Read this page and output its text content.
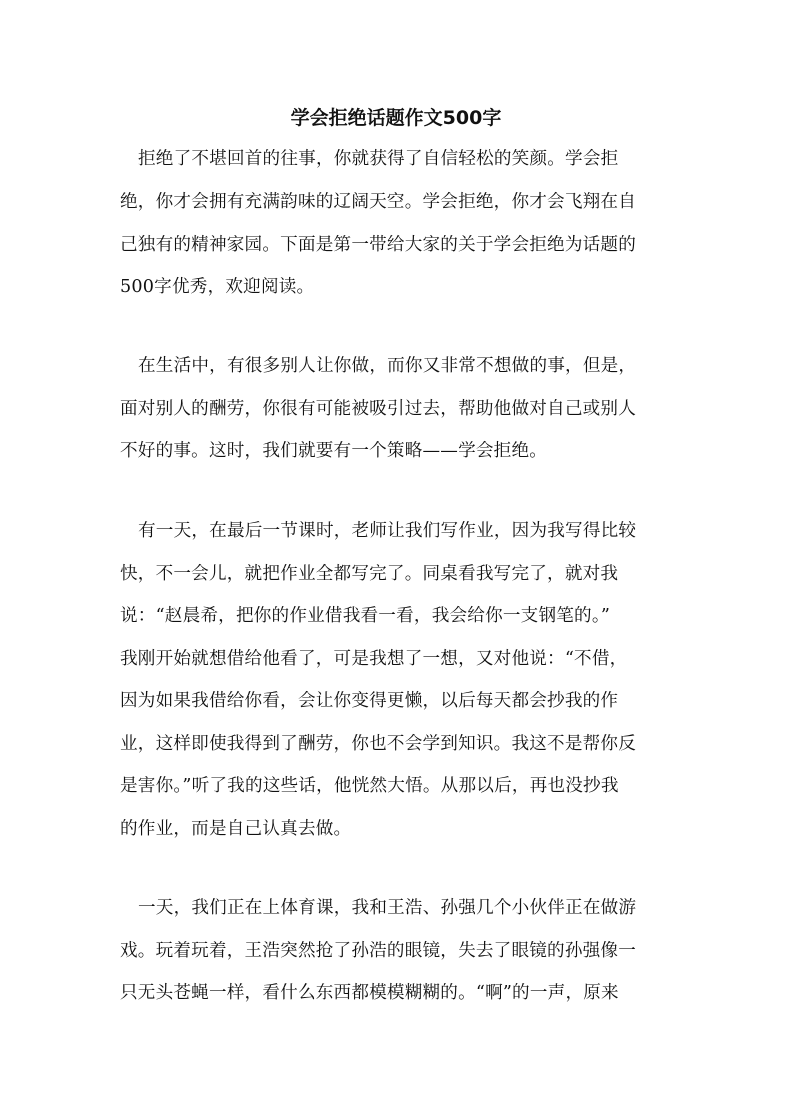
学会拒绝话题作文500字

拒绝了不堪回首的往事，你就获得了自信轻松的笑颜。学会拒

绝，你才会拥有充满韵味的辽阔天空。学会拒绝，你才会飞翔在自

己独有的精神家园。下面是第一带给大家的关于学会拒绝为话题的

500字优秀，欢迎阅读。

在生活中，有很多别人让你做，而你又非常不想做的事，但是，

面对别人的酬劳，你很有可能被吸引过去，帮助他做对自己或别人

不好的事。这时，我们就要有一个策略——学会拒绝。

有一天，在最后一节课时，老师让我们写作业，因为我写得比较

快，不一会儿，就把作业全都写完了。同桌看我写完了，就对我

说：“赵晨希，把你的作业借我看一看，我会给你一支钢笔的。”

我刚开始就想借给他看了，可是我想了一想，又对他说：“不借，

因为如果我借给你看，会让你变得更懒，以后每天都会抄我的作

业，这样即使我得到了酬劳，你也不会学到知识。我这不是帮你反

是害你。”听了我的这些话，他恍然大悟。从那以后，再也没抄我

的作业，而是自己认真去做。

一天，我们正在上体育课，我和王浩、孙强几个小伙伴正在做游

戏。玩着玩着，王浩突然抢了孙浩的眼镜，失去了眼镜的孙强像一

只无头苍蝇一样，看什么东西都模模糊糊的。“啊”的一声，原来
